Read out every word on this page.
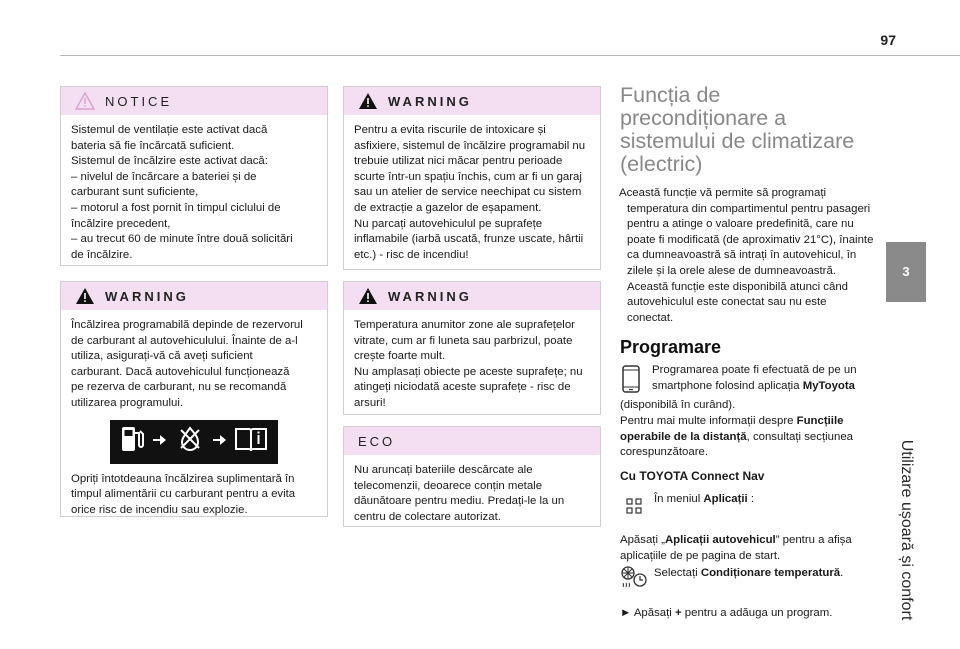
97
3
Utilizare ușoară și confort
NOTICE

Sistemul de ventilație este activat dacă

bateria să fie încărcată suficient.

Sistemul de încălzire este activat dacă:

– nivelul de încărcare a bateriei și de

carburant sunt suficiente,

– motorul a fost pornit în timpul ciclului de

încălzire precedent,

– au trecut 60 de minute între două solicitări

de încălzire.

WARNING

Încălzirea programabilă depinde de rezervorul

de carburant al autovehiculului. Înainte de a-l

utiliza, asigurați-vă că aveți suficient

carburant. Dacă autovehiculul funcționează

pe rezerva de carburant, nu se recomandă

utilizarea programului.

Opriți întotdeauna încălzirea suplimentară în

timpul alimentării cu carburant pentru a evita

orice risc de incendiu sau explozie.

WARNING

Pentru a evita riscurile de intoxicare și

asfixiere, sistemul de încălzire programabil nu

trebuie utilizat nici măcar pentru perioade

scurte într-un spațiu închis, cum ar fi un garaj

sau un atelier de service neechipat cu sistem

de extracție a gazelor de eșapament.

Nu parcați autovehiculul pe suprafețe

inflamabile (iarbă uscată, frunze uscate, hârtii

etc.) - risc de incendiu!

WARNING

Temperatura anumitor zone ale suprafețelor

vitrate, cum ar fi luneta sau parbrizul, poate

crește foarte mult.

Nu amplasați obiecte pe aceste suprafețe; nu

atingeți niciodată aceste suprafețe - risc de

arsuri!

ECO

Nu aruncați bateriile descărcate ale

telecomenzii, deoarece conțin metale

dăunătoare pentru mediu. Predați-le la un

centru de colectare autorizat.

Funcția de
precondiționare a
sistemului de climatizare
(electric)

Această funcție vă permite să programați

temperatura din compartimentul pentru pasageri

pentru a atinge o valoare predefinită, care nu

poate fi modificată (de aproximativ 21°C), înainte

ca dumneavoastră să intrați în autovehicul, în

zilele și la orele alese de dumneavoastră.

Această funcție este disponibilă atunci când

autovehiculul este conectat sau nu este

conectat.

Programare

Programarea poate fi efectuată de pe un

smartphone folosind aplicația MyToyota

(disponibilă în curând).

Pentru mai multe informații despre Funcțiile

operabile de la distanță, consultați secțiunea

corespunzătoare.

Cu TOYOTA Connect Nav

În meniul Aplicații :

Apăsați „Aplicații autovehicul” pentru a afișa

aplicațiile de pe pagina de start.

Selectați Condiționare temperatură.

► Apăsați + pentru a adăuga un program.
